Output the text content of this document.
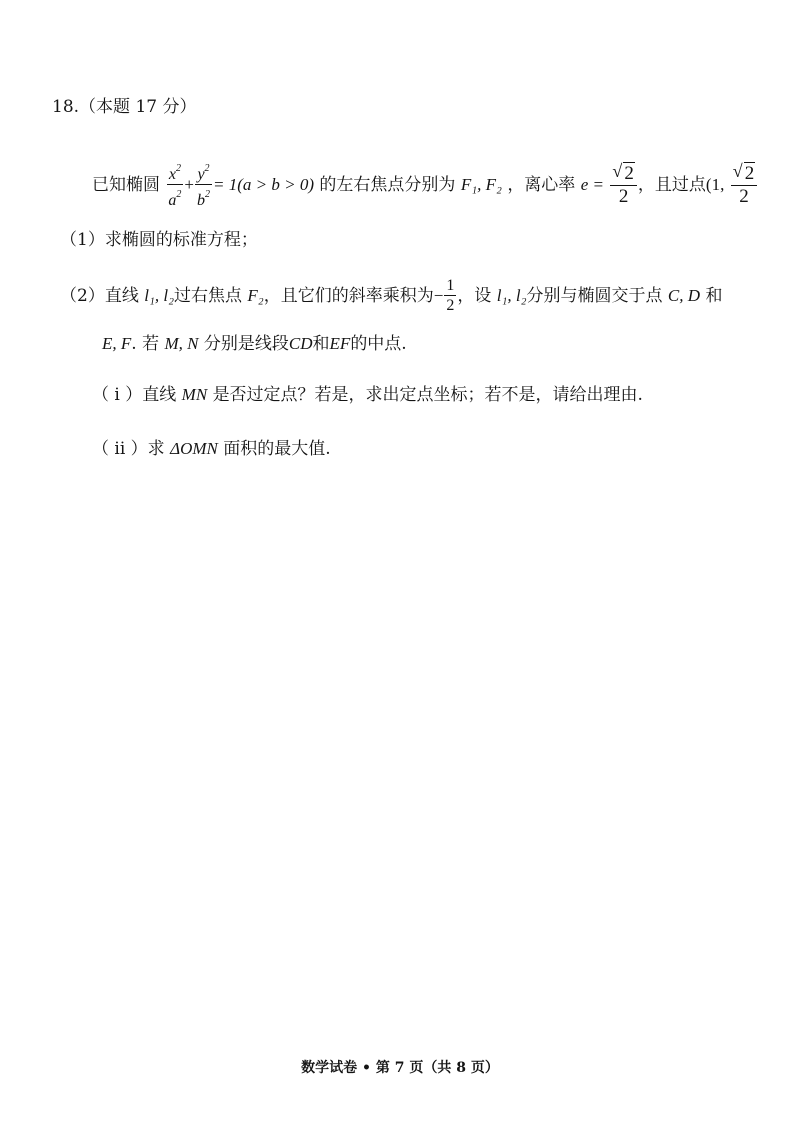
18.（本题 17 分）
已知椭圆 $\frac{x^2}{a^2} + \frac{y^2}{b^2} = 1(a > b > 0)$ 的左右焦点分别为 F₁, F₂ ，离心率 $e = \frac{√ 2}{2}$ ，且过点(1, $\frac{√ 2}{2}$
（1）求椭圆的标准方程；
（2）直线 l₁, l₂过右焦点 F₂，且它们的斜率乘积为− $\frac{1}{2}$ ，设 l₁, l₂分别与椭圆交于点 C, D 和
E, F. 若 M, N 分别是线段CD和EF的中点.
（ i ）直线 MN 是否过定点？若是，求出定点坐标；若不是，请给出理由.
（ ii ）求 ΔOMN 面积的最大值.
数学试卷 • 第 7 页（共 8 页）
